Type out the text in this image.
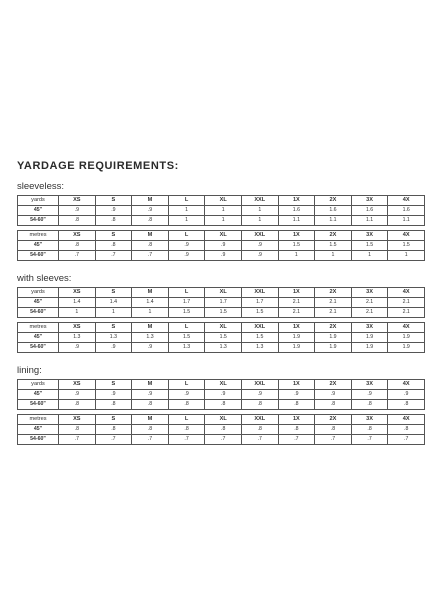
YARDAGE REQUIREMENTS:
sleeveless:
yards	XS	S	M	L	XL	XXL	1X	2X	3X	4X
45"	.9	.9	.9	1	1	1	1.6	1.6	1.6	1.6
54-60"	.8	.8	.8	1	1	1	1.1	1.1	1.1	1.1
metres	XS	S	M	L	XL	XXL	1X	2X	3X	4X
45"	.8	.8	.8	.9	.9	.9	1.5	1.5	1.5	1.5
54-60"	.7	.7	.7	.9	.9	.9	1	1	1	1
with sleeves:
yards	XS	S	M	L	XL	XXL	1X	2X	3X	4X
45"	1.4	1.4	1.4	1.7	1.7	1.7	2.1	2.1	2.1	2.1
54-60"	1	1	1	1.5	1.5	1.5	2.1	2.1	2.1	2.1
metres	XS	S	M	L	XL	XXL	1X	2X	3X	4X
45"	1.3	1.3	1.3	1.5	1.5	1.5	1.9	1.9	1.9	1.9
54-60"	.9	.9	.9	1.3	1.3	1.3	1.9	1.9	1.9	1.9
lining:
yards	XS	S	M	L	XL	XXL	1X	2X	3X	4X
45"	.9	.9	.9	.9	.9	.9	.9	.9	.9	.9
54-60"	.8	.8	.8	.8	.8	.8	.8	.8	.8	.8
metres	XS	S	M	L	XL	XXL	1X	2X	3X	4X
45"	.8	.8	.8	.8	.8	.8	.8	.8	.8	.8
54-60"	.7	.7	.7	.7	.7	.7	.7	.7	.7	.7
